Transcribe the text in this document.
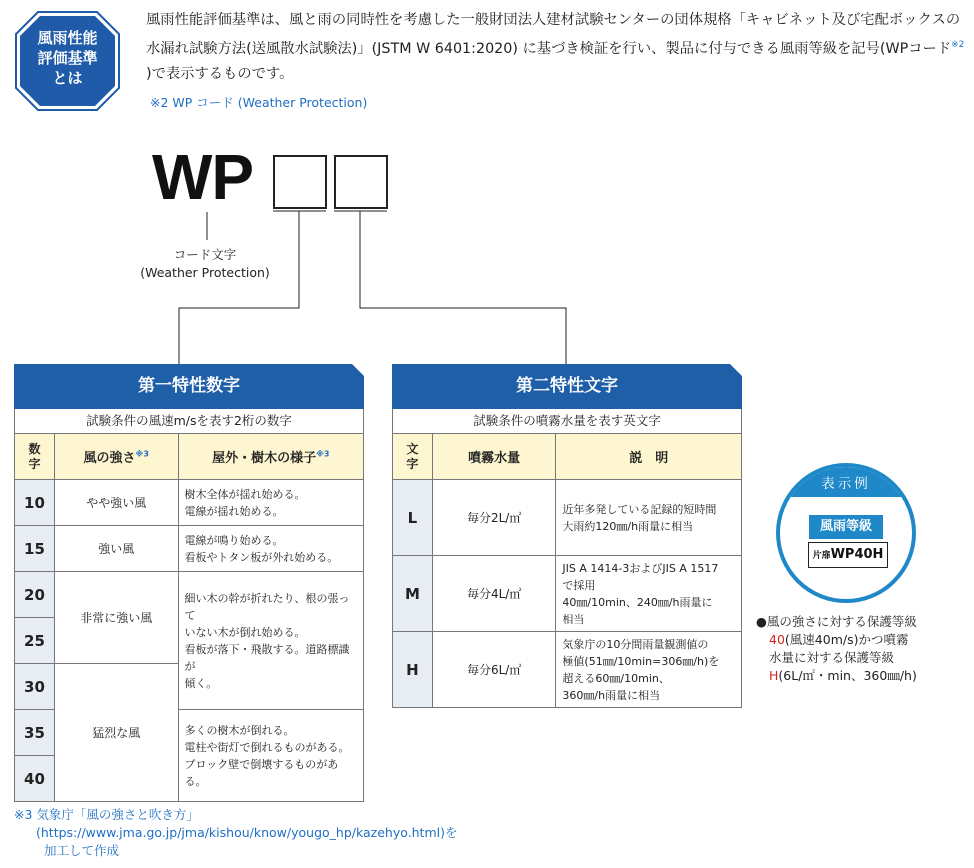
風雨性能
評価基準
とは
風雨性能評価基準は、風と雨の同時性を考慮した一般財団法人建材試験センターの団体規格「キャビネット及び宅配ボックスの水漏れ試験方法(送風散水試験法)」(JSTM W 6401:2020) に基づき検証を行い、製品に付与できる風雨等級を記号(WPコード$^{※2}$ )で表示するものです。
※2 WP コード (Weather Protection)
WP
コード文字
(Weather Protection)
第一特性数字
試験条件の風速m/sを表す2桁の数字
数字	風の強さ$^{※3}$	屋外・樹木の様子$^{※3}$
10	やや強い風	樹木全体が揺れ始める。
電線が揺れ始める。

15	強い風	電線が鳴り始める。
看板やトタン板が外れ始める。

20	非常に強い風	細い木の幹が折れたり、根の張って
いない木が倒れ始める。
看板が落下・飛散する。道路標識が
傾く。

25		
30	猛烈な風	
35		多くの樹木が倒れる。
電柱や街灯で倒れるものがある。
ブロック壁で倒壊するものがある。

40		
第二特性文字
試験条件の噴霧水量を表す英文字
文字	噴霧水量	説　明
L	毎分2L/㎡	近年多発している記録的短時間
大雨約120㎜/h雨量に相当

M	毎分4L/㎡	JIS A 1414-3およびJIS A 1517
で採用
40㎜/10min、240㎜/h雨量に
相当

H	毎分6L/㎡	気象庁の10分間雨量観測値の
極値(51㎜/10min=306㎜/h)を
超える60㎜/10min、
360㎜/h雨量に相当
表示例
風雨等級
片扉WP40H
●風の強さに対する保護等級
40(風速40m/s)かつ噴霧
水量に対する保護等級
H(6L/㎡・min、360㎜/h)
※3 気象庁「風の強さと吹き方」
(https://www.jma.go.jp/jma/kishou/know/yougo_hp/kazehyo.html)を
加工して作成
